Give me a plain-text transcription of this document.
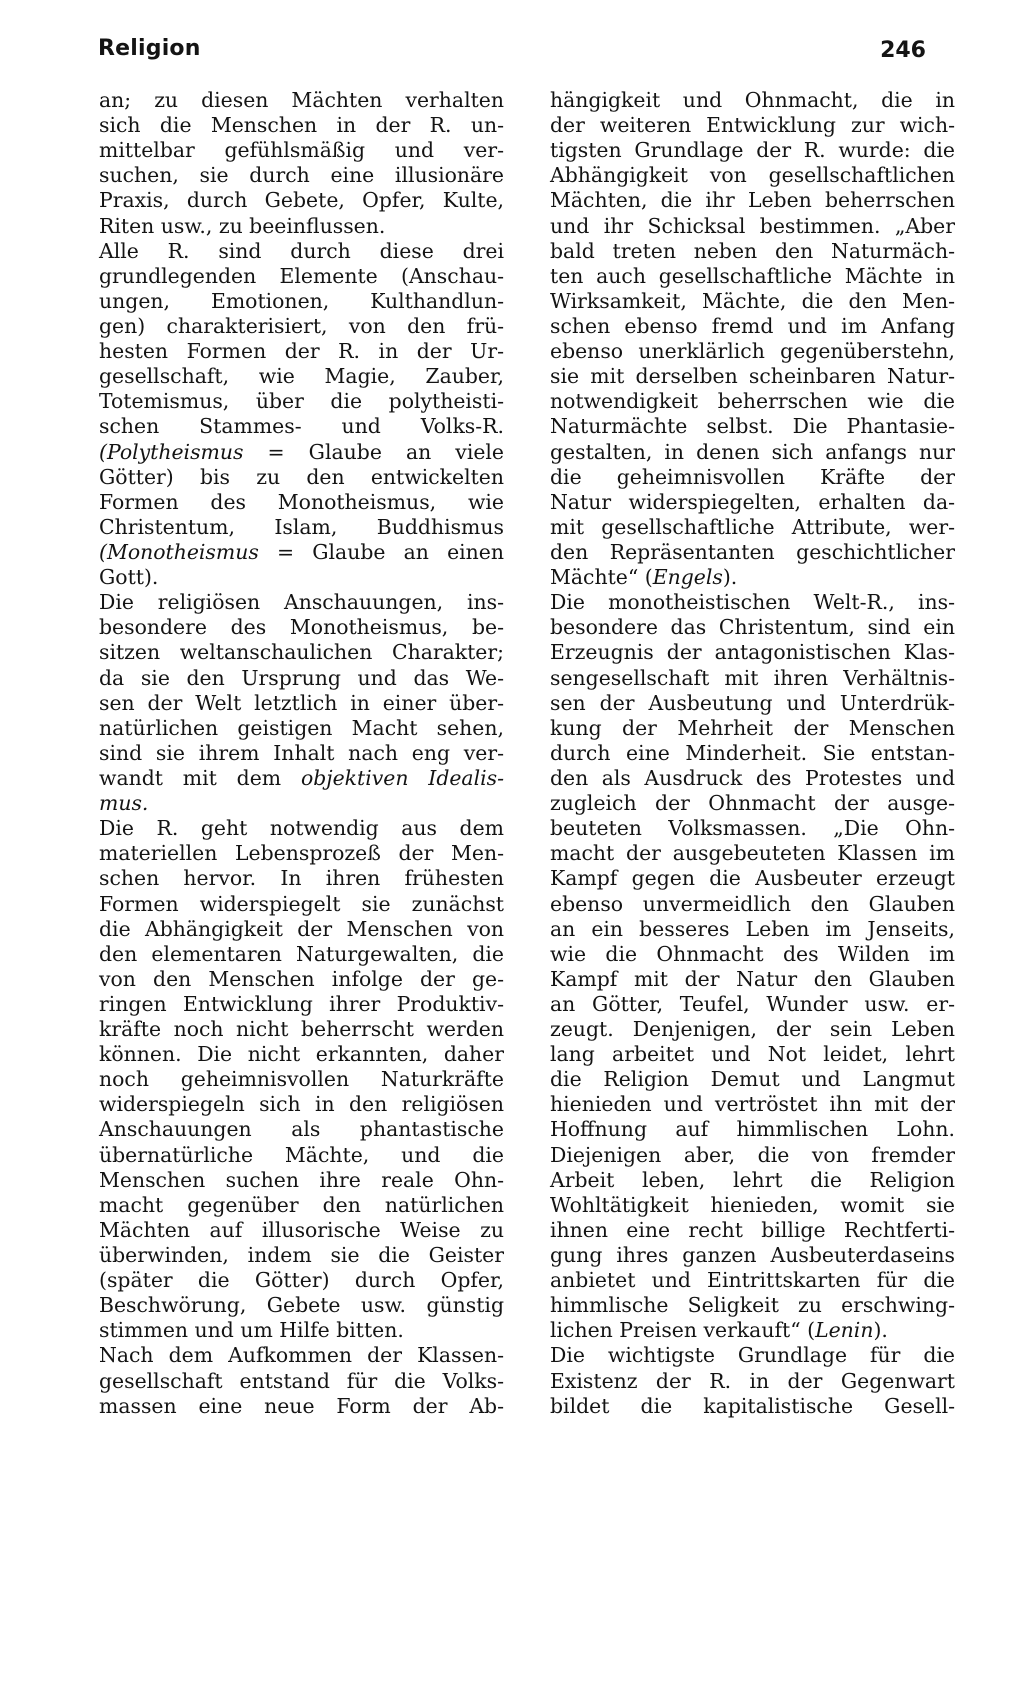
Religion	246
an; zu diesen Mächten verhalten
sich die Menschen in der R. un-
mittelbar gefühlsmäßig und ver-
suchen, sie durch eine illusionäre
Praxis, durch Gebete, Opfer, Kulte,
Riten usw., zu beeinflussen.
Alle R. sind durch diese drei
grundlegenden Elemente (Anschau-
ungen, Emotionen, Kulthandlun-
gen) charakterisiert, von den frü-
hesten Formen der R. in der Ur-
gesellschaft, wie Magie, Zauber,
Totemismus, über die polytheisti-
schen Stammes- und Volks-R.
(Polytheismus = Glaube an viele
Götter) bis zu den entwickelten
Formen des Monotheismus, wie
Christentum, Islam, Buddhismus
(Monotheismus = Glaube an einen
Gott).
Die religiösen Anschauungen, ins-
besondere des Monotheismus, be-
sitzen weltanschaulichen Charakter;
da sie den Ursprung und das We-
sen der Welt letztlich in einer über-
natürlichen geistigen Macht sehen,
sind sie ihrem Inhalt nach eng ver-
wandt mit dem objektiven Idealis-
mus.
Die R. geht notwendig aus dem
materiellen Lebensprozeß der Men-
schen hervor. In ihren frühesten
Formen widerspiegelt sie zunächst
die Abhängigkeit der Menschen von
den elementaren Naturgewalten, die
von den Menschen infolge der ge-
ringen Entwicklung ihrer Produktiv-
kräfte noch nicht beherrscht werden
können. Die nicht erkannten, daher
noch geheimnisvollen Naturkräfte
widerspiegeln sich in den religiösen
Anschauungen als phantastische
übernatürliche Mächte, und die
Menschen suchen ihre reale Ohn-
macht gegenüber den natürlichen
Mächten auf illusorische Weise zu
überwinden, indem sie die Geister
(später die Götter) durch Opfer,
Beschwörung, Gebete usw. günstig
stimmen und um Hilfe bitten.
Nach dem Aufkommen der Klassen-
gesellschaft entstand für die Volks-
massen eine neue Form der Ab-
hängigkeit und Ohnmacht, die in
der weiteren Entwicklung zur wich-
tigsten Grundlage der R. wurde: die
Abhängigkeit von gesellschaftlichen
Mächten, die ihr Leben beherrschen
und ihr Schicksal bestimmen. „Aber
bald treten neben den Naturmäch-
ten auch gesellschaftliche Mächte in
Wirksamkeit, Mächte, die den Men-
schen ebenso fremd und im Anfang
ebenso unerklärlich gegenüberstehn,
sie mit derselben scheinbaren Natur-
notwendigkeit beherrschen wie die
Naturmächte selbst. Die Phantasie-
gestalten, in denen sich anfangs nur
die geheimnisvollen Kräfte der
Natur widerspiegelten, erhalten da-
mit gesellschaftliche Attribute, wer-
den Repräsentanten geschichtlicher
Mächte“ (Engels).
Die monotheistischen Welt-R., ins-
besondere das Christentum, sind ein
Erzeugnis der antagonistischen Klas-
sengesellschaft mit ihren Verhältnis-
sen der Ausbeutung und Unterdrük-
kung der Mehrheit der Menschen
durch eine Minderheit. Sie entstan-
den als Ausdruck des Protestes und
zugleich der Ohnmacht der ausge-
beuteten Volksmassen. „Die Ohn-
macht der ausgebeuteten Klassen im
Kampf gegen die Ausbeuter erzeugt
ebenso unvermeidlich den Glauben
an ein besseres Leben im Jenseits,
wie die Ohnmacht des Wilden im
Kampf mit der Natur den Glauben
an Götter, Teufel, Wunder usw. er-
zeugt. Denjenigen, der sein Leben
lang arbeitet und Not leidet, lehrt
die Religion Demut und Langmut
hienieden und vertröstet ihn mit der
Hoffnung auf himmlischen Lohn.
Diejenigen aber, die von fremder
Arbeit leben, lehrt die Religion
Wohltätigkeit hienieden, womit sie
ihnen eine recht billige Rechtferti-
gung ihres ganzen Ausbeuterdaseins
anbietet und Eintrittskarten für die
himmlische Seligkeit zu erschwing-
lichen Preisen verkauft“ (Lenin).
Die wichtigste Grundlage für die
Existenz der R. in der Gegenwart
bildet die kapitalistische Gesell-
